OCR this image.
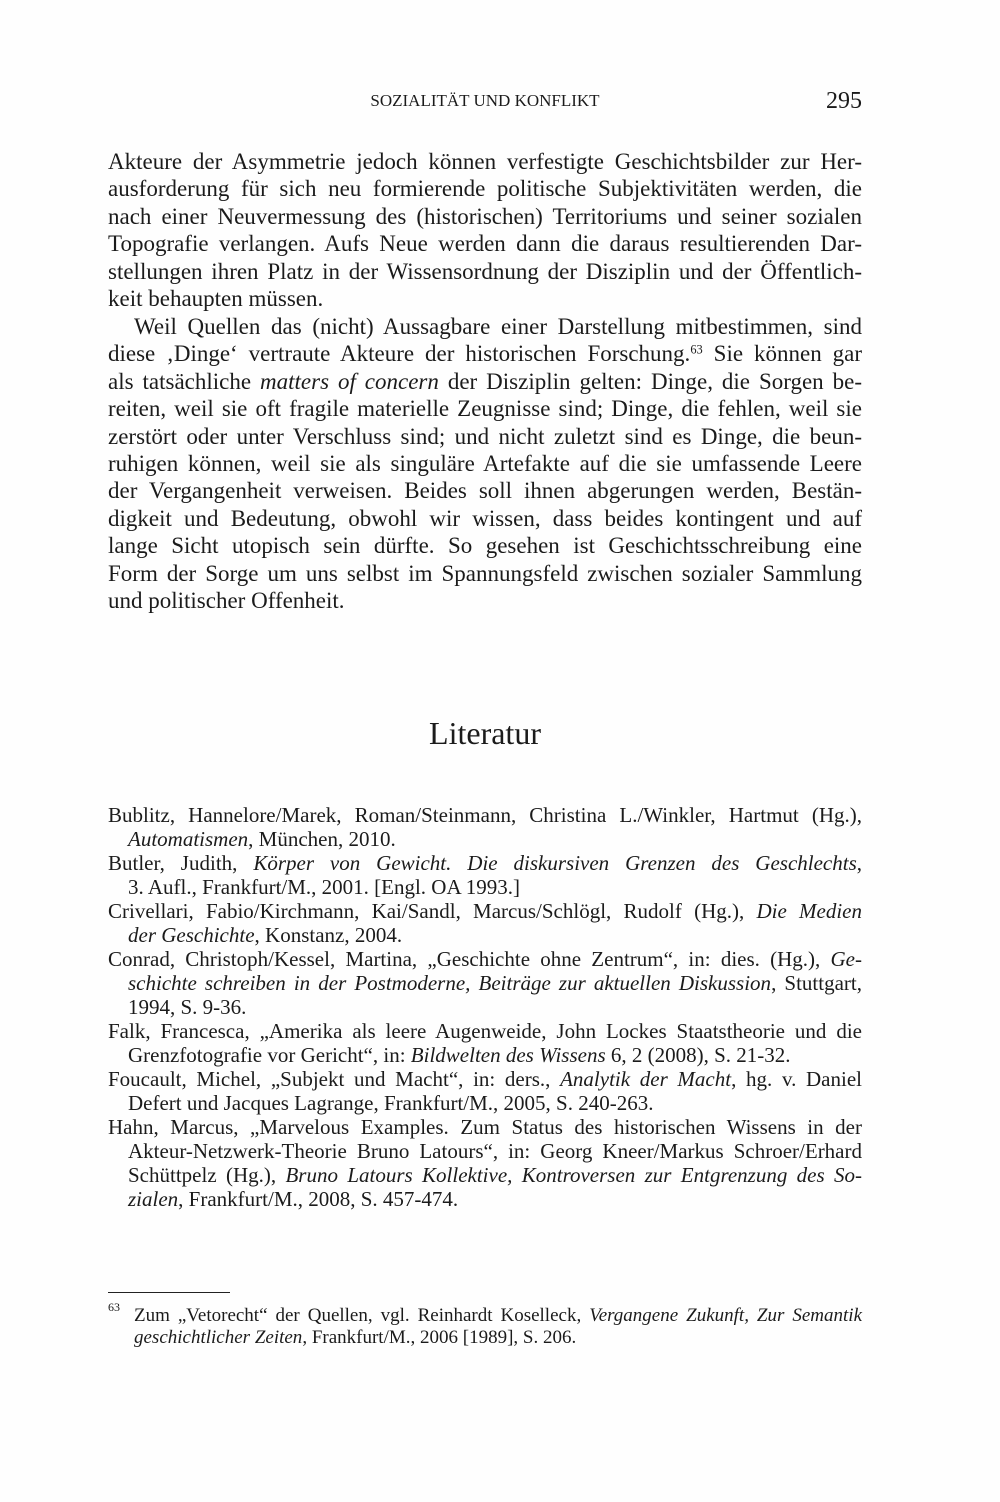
SOZIALITÄT UND KONFLIKT	295
Akteure der Asymmetrie jedoch können verfestigte Geschichtsbilder zur Her-
ausforderung für sich neu formierende politische Subjektivitäten werden, die
nach einer Neuvermessung des (historischen) Territoriums und seiner sozialen
Topografie verlangen. Aufs Neue werden dann die daraus resultierenden Dar-
stellungen ihren Platz in der Wissensordnung der Disziplin und der Öffentlich-
keit behaupten müssen.
Weil Quellen das (nicht) Aussagbare einer Darstellung mitbestimmen, sind
diese ‚Dinge‘ vertraute Akteure der historischen Forschung.$^{63}$ Sie können gar
als tatsächliche matters of concern der Disziplin gelten: Dinge, die Sorgen be-
reiten, weil sie oft fragile materielle Zeugnisse sind; Dinge, die fehlen, weil sie
zerstört oder unter Verschluss sind; und nicht zuletzt sind es Dinge, die beun-
ruhigen können, weil sie als singuläre Artefakte auf die sie umfassende Leere
der Vergangenheit verweisen. Beides soll ihnen abgerungen werden, Bestän-
digkeit und Bedeutung, obwohl wir wissen, dass beides kontingent und auf
lange Sicht utopisch sein dürfte. So gesehen ist Geschichtsschreibung eine
Form der Sorge um uns selbst im Spannungsfeld zwischen sozialer Sammlung
und politischer Offenheit.
Literatur
Bublitz, Hannelore/Marek, Roman/Steinmann, Christina L./Winkler, Hartmut (Hg.),
Automatismen, München, 2010.
Butler, Judith, Körper von Gewicht. Die diskursiven Grenzen des Geschlechts,
3. Aufl., Frankfurt/M., 2001. [Engl. OA 1993.]
Crivellari, Fabio/Kirchmann, Kai/Sandl, Marcus/Schlögl, Rudolf (Hg.), Die Medien
der Geschichte, Konstanz, 2004.
Conrad, Christoph/Kessel, Martina, „Geschichte ohne Zentrum“, in: dies. (Hg.), Ge-
schichte schreiben in der Postmoderne, Beiträge zur aktuellen Diskussion, Stuttgart,
1994, S. 9-36.
Falk, Francesca, „Amerika als leere Augenweide, John Lockes Staatstheorie und die
Grenzfotografie vor Gericht“, in: Bildwelten des Wissens 6, 2 (2008), S. 21-32.
Foucault, Michel, „Subjekt und Macht“, in: ders., Analytik der Macht, hg. v. Daniel
Defert und Jacques Lagrange, Frankfurt/M., 2005, S. 240-263.
Hahn, Marcus, „Marvelous Examples. Zum Status des historischen Wissens in der
Akteur-Netzwerk-Theorie Bruno Latours“, in: Georg Kneer/Markus Schroer/Erhard
Schüttpelz (Hg.), Bruno Latours Kollektive, Kontroversen zur Entgrenzung des So-
zialen, Frankfurt/M., 2008, S. 457-474.
63 Zum „Vetorecht“ der Quellen, vgl. Reinhardt Koselleck, Vergangene Zukunft, Zur Semantik
geschichtlicher Zeiten, Frankfurt/M., 2006 [1989], S. 206.
